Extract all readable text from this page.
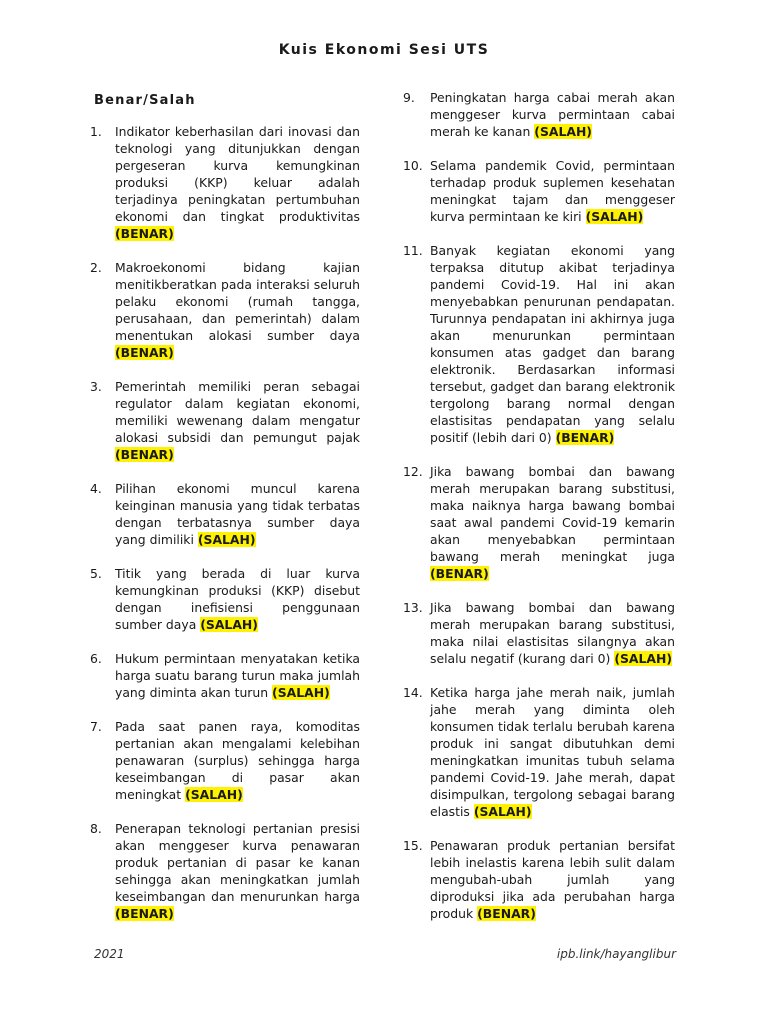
Kuis Ekonomi Sesi UTS
Benar/Salah
1.	Indikator keberhasilan dari inovasi dan teknologi yang ditunjukkan dengan pergeseran kurva kemungkinan produksi (KKP) keluar adalah terjadinya peningkatan pertumbuhan ekonomi dan tingkat produktivitas (BENAR)
2.	Makroekonomi bidang kajian menitikberatkan pada interaksi seluruh pelaku ekonomi (rumah tangga, perusahaan, dan pemerintah) dalam menentukan alokasi sumber daya (BENAR)
3.	Pemerintah memiliki peran sebagai regulator dalam kegiatan ekonomi, memiliki wewenang dalam mengatur alokasi subsidi dan pemungut pajak (BENAR)
4.	Pilihan ekonomi muncul karena keinginan manusia yang tidak terbatas dengan terbatasnya sumber daya yang dimiliki (SALAH)
5.	Titik yang berada di luar kurva kemungkinan produksi (KKP) disebut dengan inefisiensi penggunaan sumber daya (SALAH)
6.	Hukum permintaan menyatakan ketika harga suatu barang turun maka jumlah yang diminta akan turun (SALAH)
7.	Pada saat panen raya, komoditas pertanian akan mengalami kelebihan penawaran (surplus) sehingga harga keseimbangan di pasar akan meningkat (SALAH)
8.	Penerapan teknologi pertanian presisi akan menggeser kurva penawaran produk pertanian di pasar ke kanan sehingga akan meningkatkan jumlah keseimbangan dan menurunkan harga (BENAR)
9.	Peningkatan harga cabai merah akan menggeser kurva permintaan cabai merah ke kanan (SALAH)
10. Selama pandemik Covid, permintaan terhadap produk suplemen kesehatan meningkat tajam dan menggeser kurva permintaan ke kiri (SALAH)
11. Banyak kegiatan ekonomi yang terpaksa ditutup akibat terjadinya pandemi Covid-19. Hal ini akan menyebabkan penurunan pendapatan. Turunnya pendapatan ini akhirnya juga akan menurunkan permintaan konsumen atas gadget dan barang elektronik. Berdasarkan informasi tersebut, gadget dan barang elektronik tergolong barang normal dengan elastisitas pendapatan yang selalu positif (lebih dari 0) (BENAR)
12. Jika bawang bombai dan bawang merah merupakan barang substitusi, maka naiknya harga bawang bombai saat awal pandemi Covid-19 kemarin akan menyebabkan permintaan bawang merah meningkat juga (BENAR)
13. Jika bawang bombai dan bawang merah merupakan barang substitusi, maka nilai elastisitas silangnya akan selalu negatif (kurang dari 0) (SALAH)
14. Ketika harga jahe merah naik, jumlah jahe merah yang diminta oleh konsumen tidak terlalu berubah karena produk ini sangat dibutuhkan demi meningkatkan imunitas tubuh selama pandemi Covid-19. Jahe merah, dapat disimpulkan, tergolong sebagai barang elastis (SALAH)
15. Penawaran produk pertanian bersifat lebih inelastis karena lebih sulit dalam mengubah-ubah jumlah yang diproduksi jika ada perubahan harga produk (BENAR)
2021	ipb.link/hayanglibur
